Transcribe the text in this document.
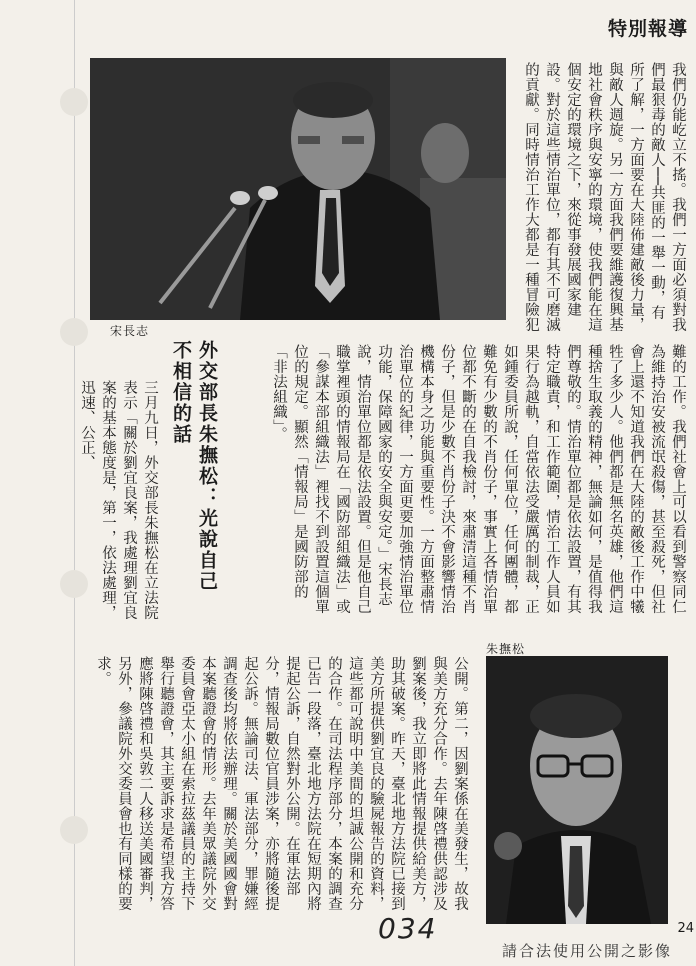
特別報導
宋長志	我們仍能屹立不搖。我們一方面必須對我們最狠毒的敵人──共匪的一舉一動，有所了解，一方面要在大陸佈建敵後力量，與敵人週旋。另一方面我們要維護復興基地社會秩序與安寧的環境，使我們能在這個安定的環境之下，來從事發展國家建設。對於這些情治單位，都有其不可磨滅的貢獻。同時情治工作大都是一種冒險犯
難的工作。我們社會上可以看到警察同仁為維持治安被流氓殺傷，甚至殺死，但社會上還不知道我們在大陸的敵後工作中犧牲了多少人。他們都是無名英雄，他們這種捨生取義的精神，無論如何，是值得我們尊敬的。情治單位都是依法設置，有其特定職責，和工作範圍，情治工作人員如果行為越軌，自當依法受嚴厲的制裁，正如鍾委員所說，任何單位，任何團體，都難免有少數的不肖份子，事實上各情治單位都不斷的在自我檢討，來肅清這種不肖份子，但是少數不肖份子決不會影響情治機構本身之功能與重要性。一方面整肅情治單位的紀律，一方面更要加強情治單位功能，保障國家的安全與安定。」宋長志說，情治單位都是依法設置。但是他自己職掌裡頭的情報局在「國防部組織法」或「參謀本部組織法」裡找不到設置這個單位的規定。顯然「情報局」是國防部的「非法組織」。
外交部長朱撫松：光說自己不相信的話
三月九日，外交部長朱撫松在立法院表示「關於劉宜良案，我處理劉宜良案的基本態度是，第一，依法處理，迅速、公正、
朱撫松
公開。第二，因劉案係在美發生，故我與美方充分合作。去年陳啓禮供認涉及劉案後，我立即將此情報提供給美方，助其破案。昨天，臺北地方法院已接到美方所提供劉宜良的驗屍報告的資料，這些都可說明中美間的坦誠公開和充分的合作。在司法程序部分，本案的調查已告一段落，臺北地方法院在短期內將提起公訴，自然對外公開。在軍法部分，情報局數位官員涉案，亦將隨後提起公訴。無論司法、軍法部分，罪嫌經調查後均將依法辦理。關於美國國會對本案聽證會的情形。去年美眾議院外交委員會亞太小組在索拉茲議員的主持下舉行聽證會，其主要訴求是希望我方答應將陳啓禮和吳敦二人移送美國審判，另外，參議院外交委員會也有同樣的要求。
034	24
請合法使用公開之影像
